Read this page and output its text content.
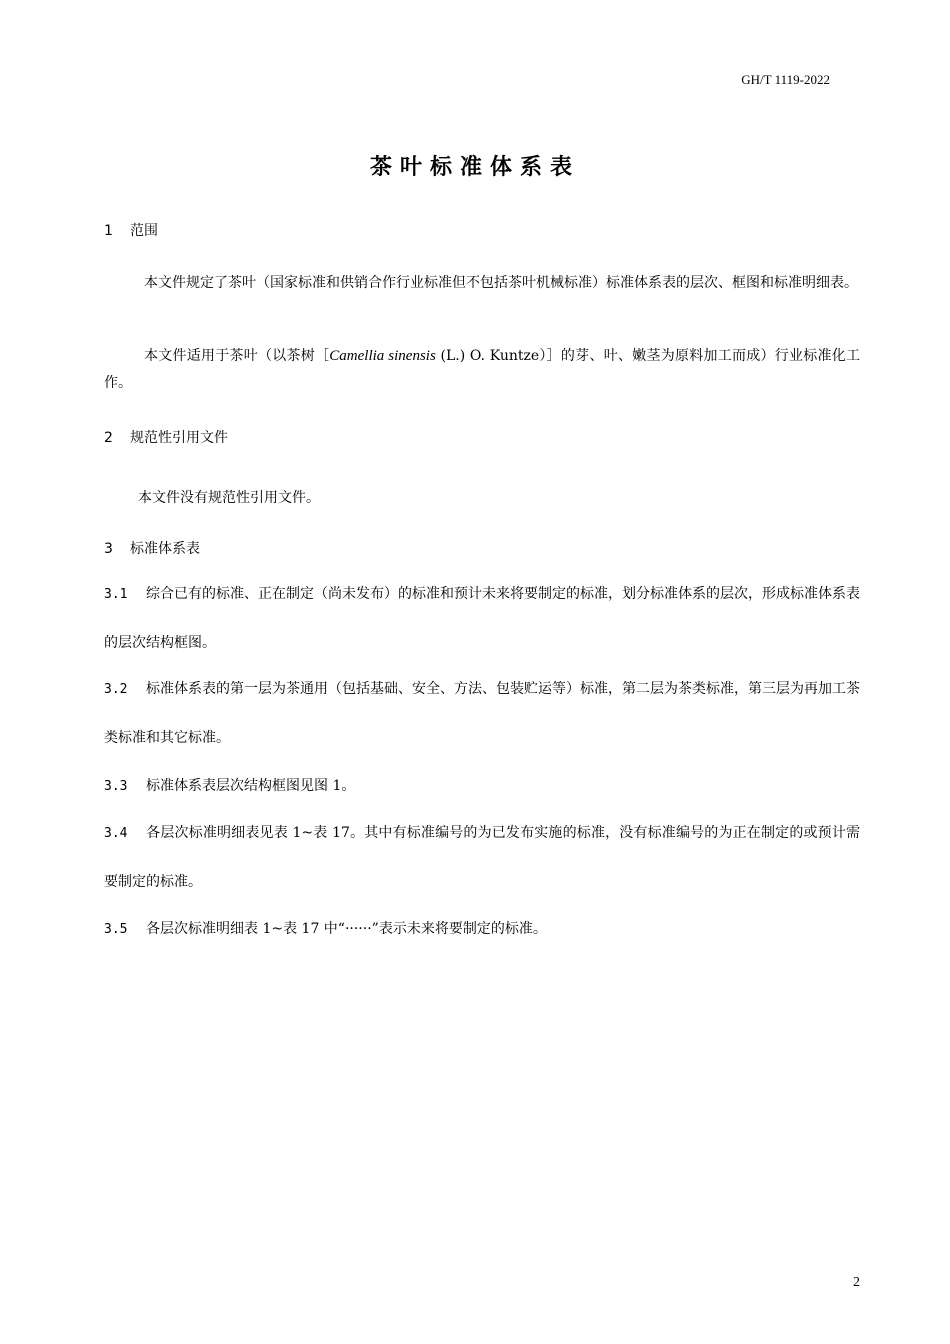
GH/T 1119-2022
茶叶标准体系表
1 范围
本文件规定了茶叶（国家标准和供销合作行业标准但不包括茶叶机械标准）标准体系表的层次、框图和标准明细表。
本文件适用于茶叶（以茶树［Camellia sinensis (L.) O. Kuntze）］的芽、叶、嫩茎为原料加工而成）行业标准化工作。
2 规范性引用文件
本文件没有规范性引用文件。
3 标准体系表
3.1 综合已有的标准、正在制定（尚未发布）的标准和预计未来将要制定的标准，划分标准体系的层次，形成标准体系表的层次结构框图。
3.2 标准体系表的第一层为茶通用（包括基础、安全、方法、包装贮运等）标准，第二层为茶类标准，第三层为再加工茶类标准和其它标准。
3.3 标准体系表层次结构框图见图 1。
3.4 各层次标准明细表见表 1~表 17。其中有标准编号的为已发布实施的标准，没有标准编号的为正在制定的或预计需要制定的标准。
3.5 各层次标准明细表 1~表 17 中“······”表示未来将要制定的标准。
2
